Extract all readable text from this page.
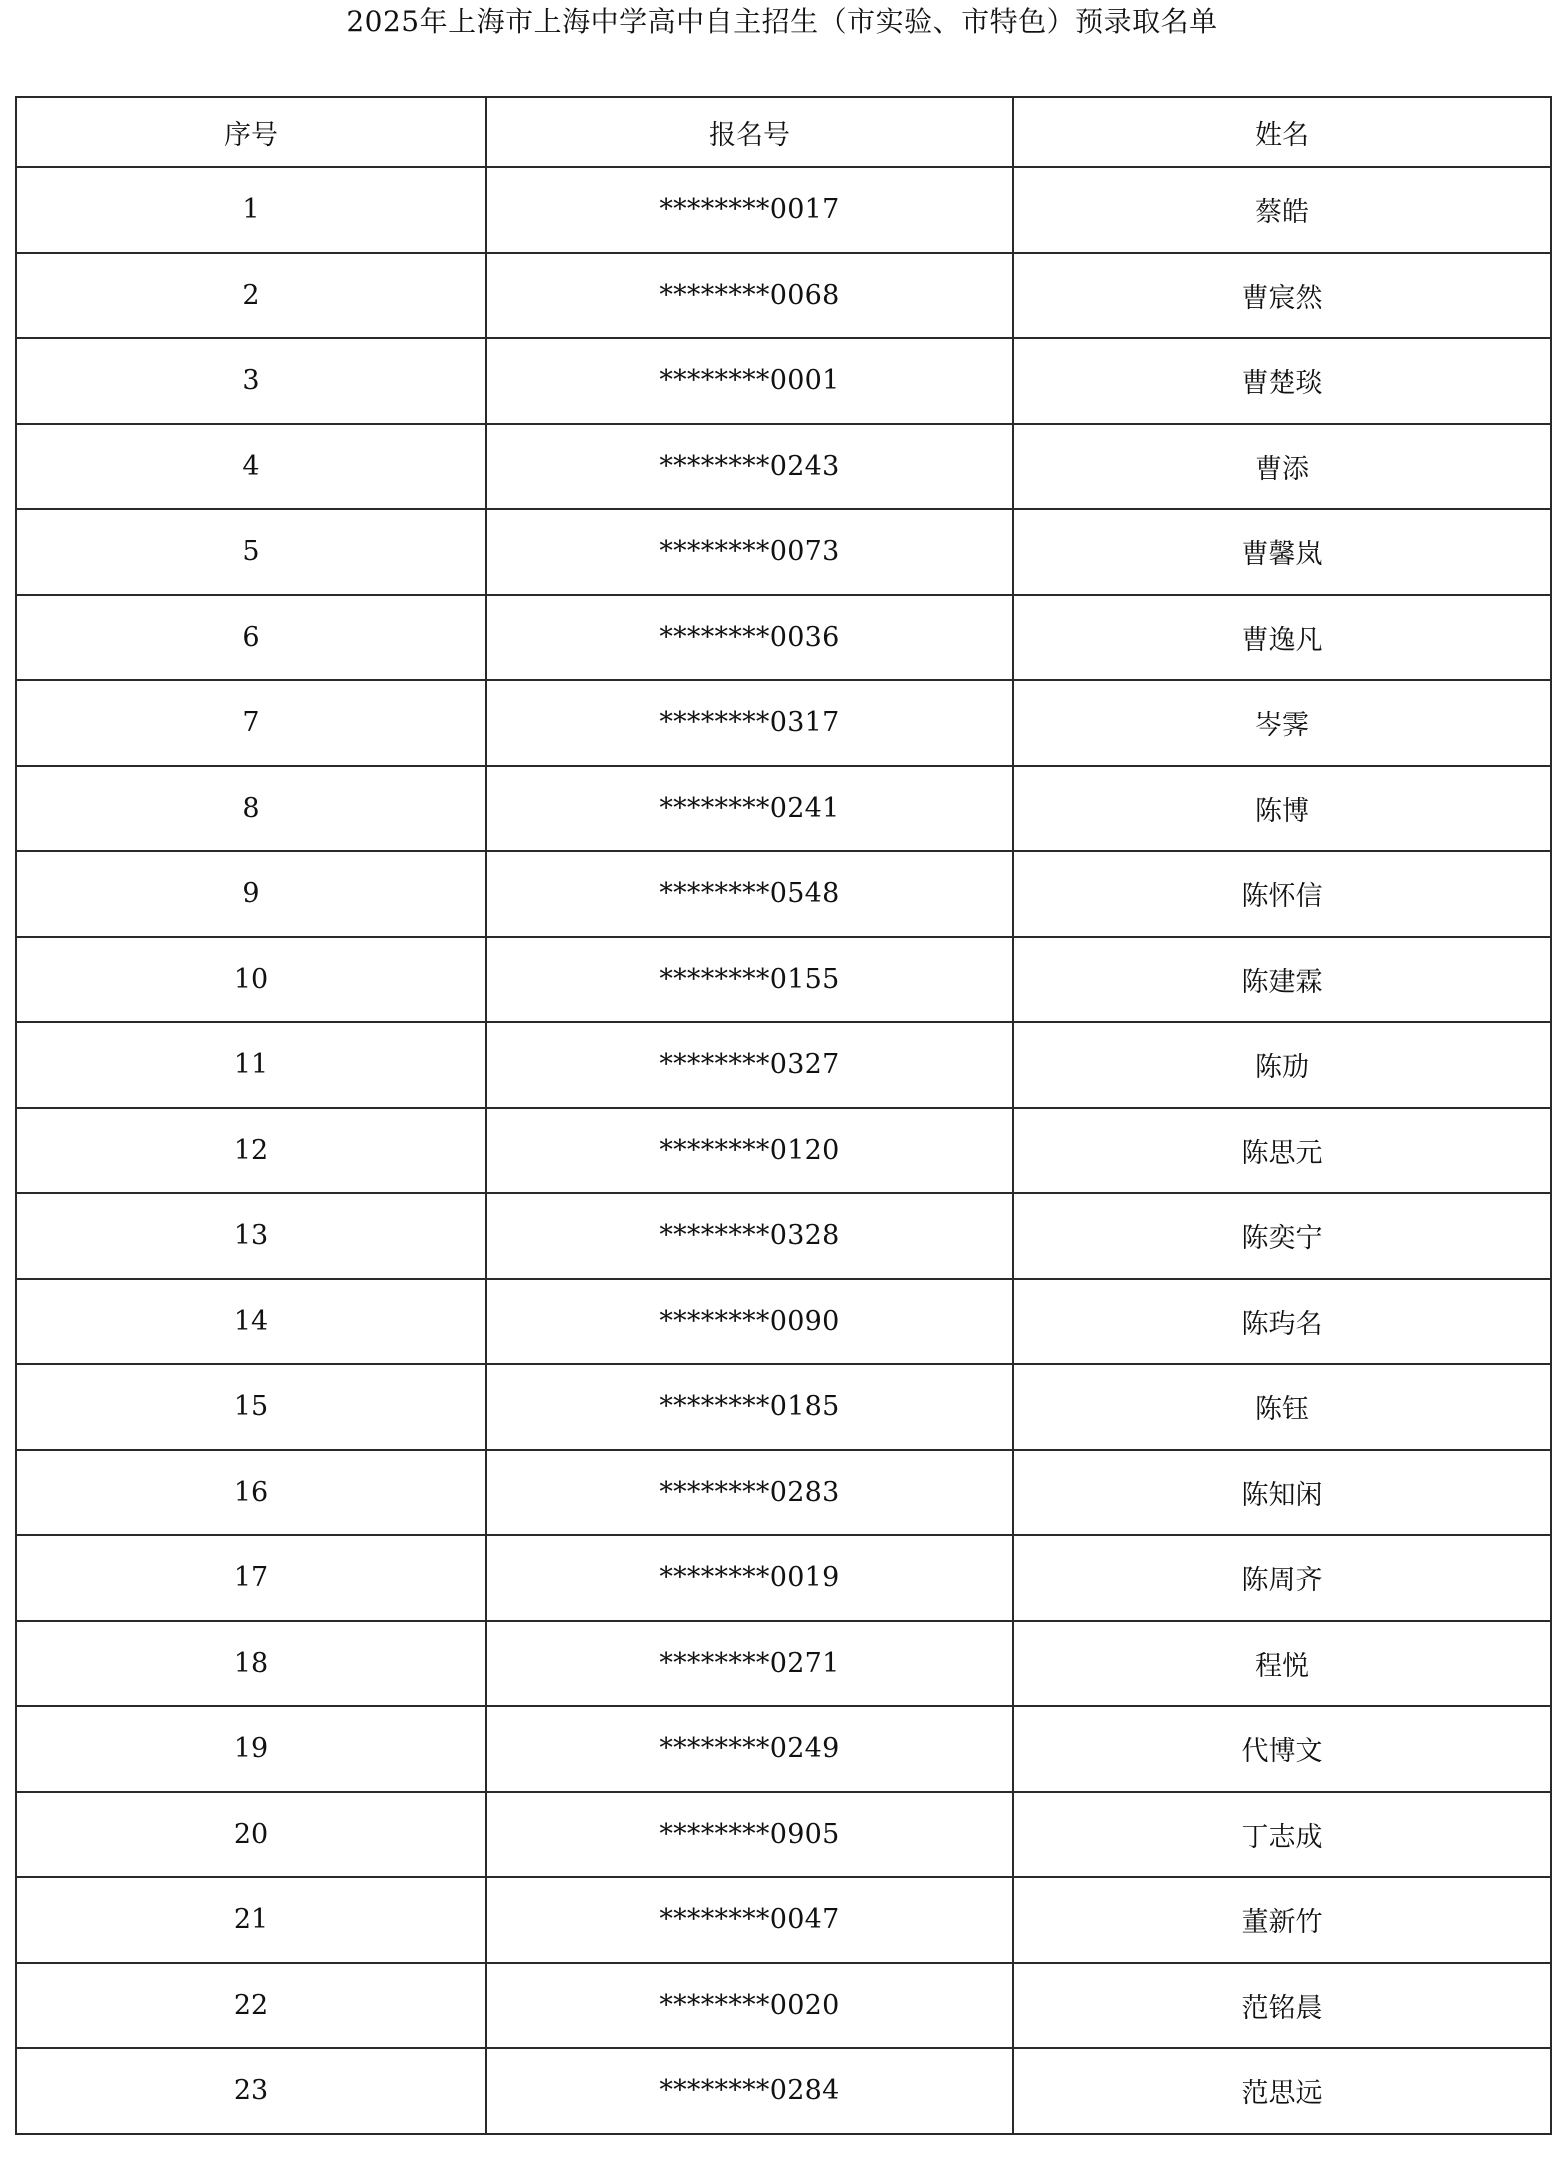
2025年上海市上海中学高中自主招生（市实验、市特色）预录取名单
序号	报名号	姓名
1	********0017	蔡皓
2	********0068	曹宸然
3	********0001	曹楚琰
4	********0243	曹添
5	********0073	曹馨岚
6	********0036	曹逸凡
7	********0317	岑霁
8	********0241	陈博
9	********0548	陈怀信
10	********0155	陈建霖
11	********0327	陈劢
12	********0120	陈思元
13	********0328	陈奕宁
14	********0090	陈玙名
15	********0185	陈钰
16	********0283	陈知闲
17	********0019	陈周齐
18	********0271	程悦
19	********0249	代博文
20	********0905	丁志成
21	********0047	董新竹
22	********0020	范铭晨
23	********0284	范思远
